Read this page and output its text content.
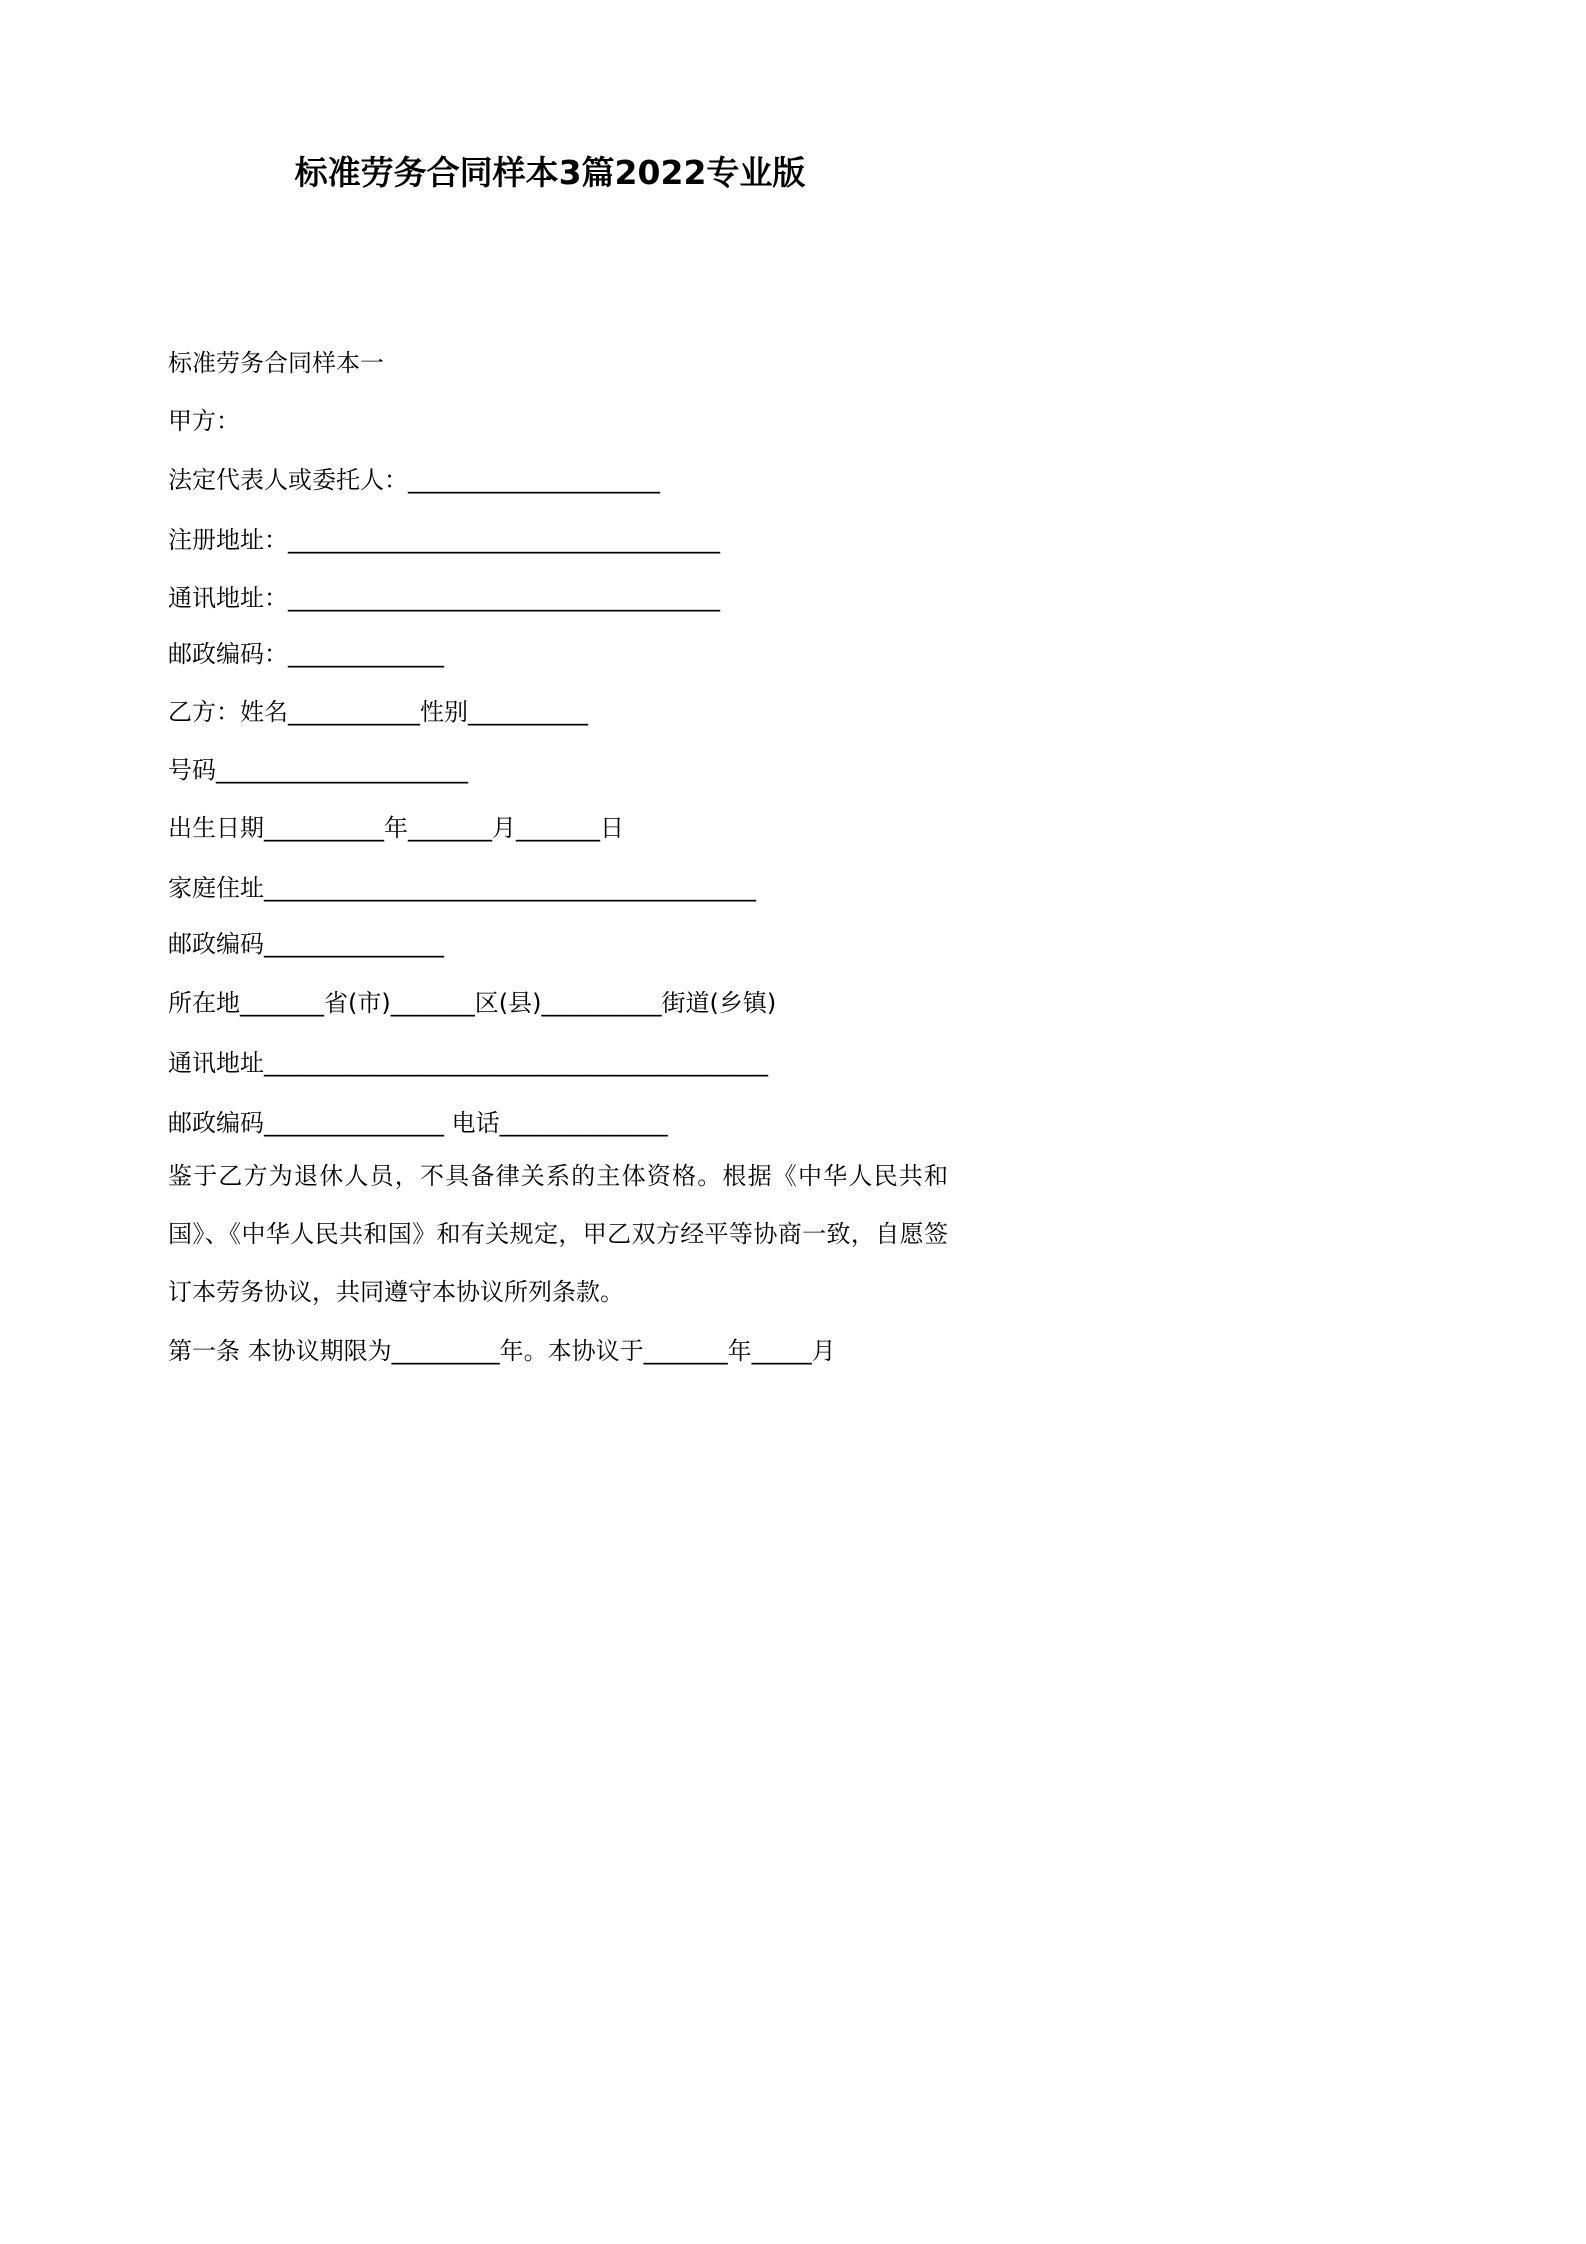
标准劳务合同样本3篇2022专业版
标准劳务合同样本一
甲方：
法定代表人或委托人：_____________________
注册地址：____________________________________
通讯地址：____________________________________
邮政编码：_____________
乙方：姓名___________性别__________
号码_____________________
出生日期__________年_______月_______日
家庭住址_________________________________________
邮政编码_______________
所在地_______省(市)_______区(县)__________街道(乡镇)
通讯地址__________________________________________
邮政编码_______________ 电话______________
鉴于乙方为退休人员，不具备律关系的主体资格。根据《中华人民共和国》、《中华人民共和国》和有关规定，甲乙双方经平等协商一致，自愿签订本劳务协议，共同遵守本协议所列条款。
第一条 本协议期限为_________年。本协议于_______年_____月
